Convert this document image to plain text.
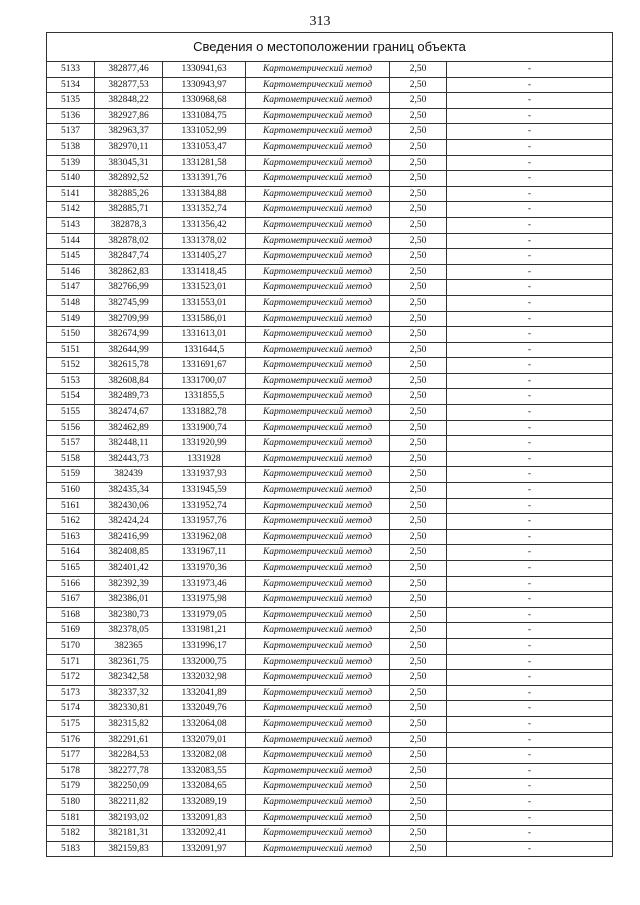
313
Сведения о местоположении границ объекта					
5133	382877,46	1330941,63	Картометрический метод	2,50	-
5134	382877,53	1330943,97	Картометрический метод	2,50	-
5135	382848,22	1330968,68	Картометрический метод	2,50	-
5136	382927,86	1331084,75	Картометрический метод	2,50	-
5137	382963,37	1331052,99	Картометрический метод	2,50	-
5138	382970,11	1331053,47	Картометрический метод	2,50	-
5139	383045,31	1331281,58	Картометрический метод	2,50	-
5140	382892,52	1331391,76	Картометрический метод	2,50	-
5141	382885,26	1331384,88	Картометрический метод	2,50	-
5142	382885,71	1331352,74	Картометрический метод	2,50	-
5143	382878,3	1331356,42	Картометрический метод	2,50	-
5144	382878,02	1331378,02	Картометрический метод	2,50	-
5145	382847,74	1331405,27	Картометрический метод	2,50	-
5146	382862,83	1331418,45	Картометрический метод	2,50	-
5147	382766,99	1331523,01	Картометрический метод	2,50	-
5148	382745,99	1331553,01	Картометрический метод	2,50	-
5149	382709,99	1331586,01	Картометрический метод	2,50	-
5150	382674,99	1331613,01	Картометрический метод	2,50	-
5151	382644,99	1331644,5	Картометрический метод	2,50	-
5152	382615,78	1331691,67	Картометрический метод	2,50	-
5153	382608,84	1331700,07	Картометрический метод	2,50	-
5154	382489,73	1331855,5	Картометрический метод	2,50	-
5155	382474,67	1331882,78	Картометрический метод	2,50	-
5156	382462,89	1331900,74	Картометрический метод	2,50	-
5157	382448,11	1331920,99	Картометрический метод	2,50	-
5158	382443,73	1331928	Картометрический метод	2,50	-
5159	382439	1331937,93	Картометрический метод	2,50	-
5160	382435,34	1331945,59	Картометрический метод	2,50	-
5161	382430,06	1331952,74	Картометрический метод	2,50	-
5162	382424,24	1331957,76	Картометрический метод	2,50	-
5163	382416,99	1331962,08	Картометрический метод	2,50	-
5164	382408,85	1331967,11	Картометрический метод	2,50	-
5165	382401,42	1331970,36	Картометрический метод	2,50	-
5166	382392,39	1331973,46	Картометрический метод	2,50	-
5167	382386,01	1331975,98	Картометрический метод	2,50	-
5168	382380,73	1331979,05	Картометрический метод	2,50	-
5169	382378,05	1331981,21	Картометрический метод	2,50	-
5170	382365	1331996,17	Картометрический метод	2,50	-
5171	382361,75	1332000,75	Картометрический метод	2,50	-
5172	382342,58	1332032,98	Картометрический метод	2,50	-
5173	382337,32	1332041,89	Картометрический метод	2,50	-
5174	382330,81	1332049,76	Картометрический метод	2,50	-
5175	382315,82	1332064,08	Картометрический метод	2,50	-
5176	382291,61	1332079,01	Картометрический метод	2,50	-
5177	382284,53	1332082,08	Картометрический метод	2,50	-
5178	382277,78	1332083,55	Картометрический метод	2,50	-
5179	382250,09	1332084,65	Картометрический метод	2,50	-
5180	382211,82	1332089,19	Картометрический метод	2,50	-
5181	382193,02	1332091,83	Картометрический метод	2,50	-
5182	382181,31	1332092,41	Картометрический метод	2,50	-
5183	382159,83	1332091,97	Картометрический метод	2,50	-
